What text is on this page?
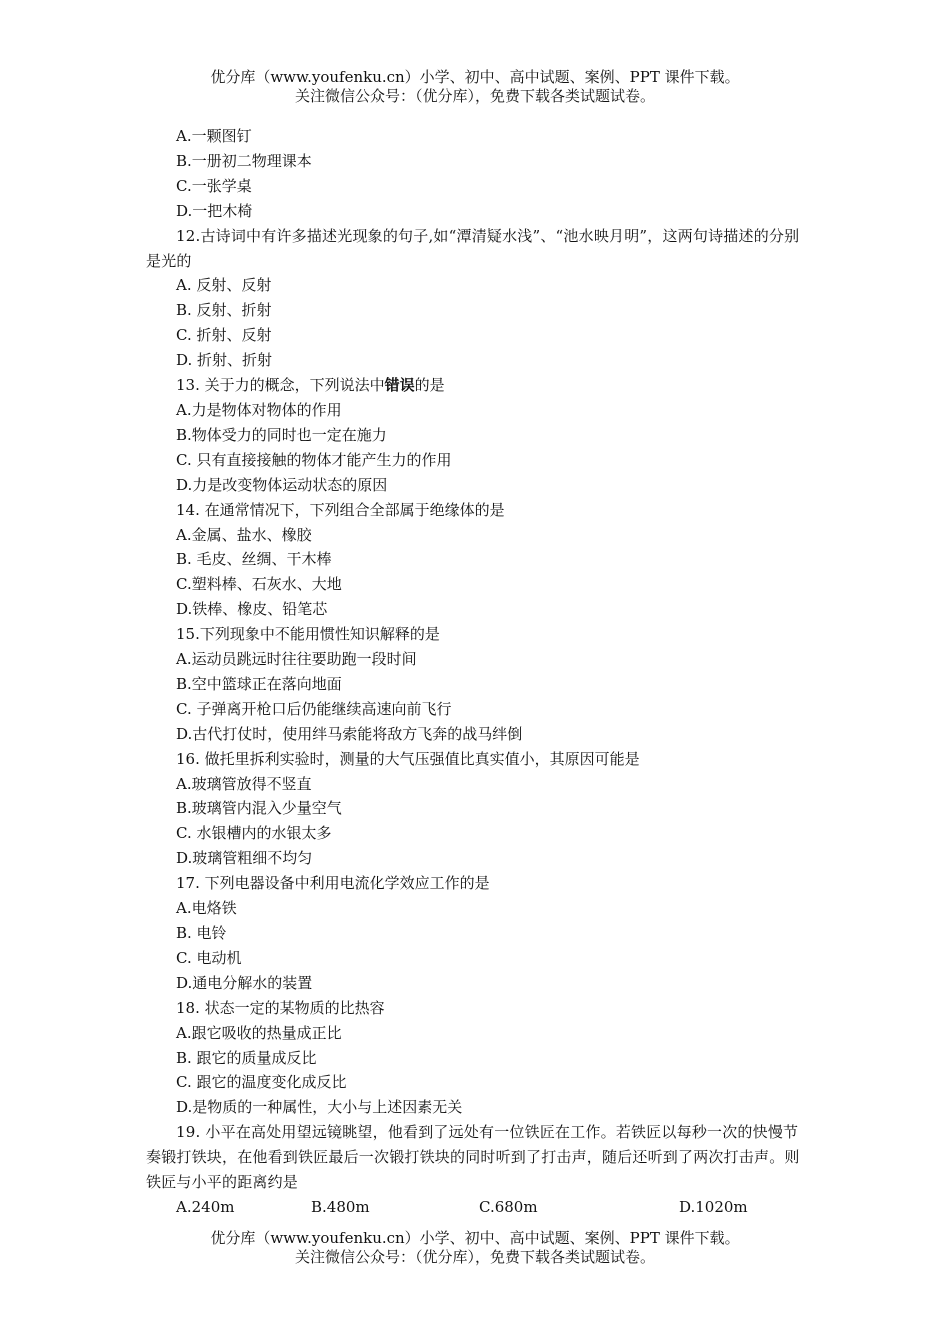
优分库（www.youfenku.cn）小学、初中、高中试题、案例、PPT 课件下载。
关注微信公众号：（优分库），免费下载各类试题试卷。
A.一颗图钉
B.一册初二物理课本
C.一张学桌
D.一把木椅
12.古诗词中有许多描述光现象的句子,如“潭清疑水浅”、“池水映月明”，这两句诗描述的分别是光的
A. 反射、反射
B. 反射、折射
C. 折射、反射
D. 折射、折射
13. 关于力的概念，下列说法中错误的是
A.力是物体对物体的作用
B.物体受力的同时也一定在施力
C. 只有直接接触的物体才能产生力的作用
D.力是改变物体运动状态的原因
14. 在通常情况下，下列组合全部属于绝缘体的是
A.金属、盐水、橡胶
B. 毛皮、丝绸、干木棒
C.塑料棒、石灰水、大地
D.铁棒、橡皮、铅笔芯
15.下列现象中不能用惯性知识解释的是
A.运动员跳远时往往要助跑一段时间
B.空中篮球正在落向地面
C. 子弹离开枪口后仍能继续高速向前飞行
D.古代打仗时，使用绊马索能将敌方飞奔的战马绊倒
16. 做托里拆利实验时，测量的大气压强值比真实值小，其原因可能是
A.玻璃管放得不竖直
B.玻璃管内混入少量空气
C. 水银槽内的水银太多
D.玻璃管粗细不均匀
17. 下列电器设备中利用电流化学效应工作的是
A.电烙铁
B. 电铃
C. 电动机
D.通电分解水的装置
18. 状态一定的某物质的比热容
A.跟它吸收的热量成正比
B. 跟它的质量成反比
C. 跟它的温度变化成反比
D.是物质的一种属性，大小与上述因素无关
19. 小平在高处用望远镜眺望，他看到了远处有一位铁匠在工作。若铁匠以每秒一次的快慢节奏锻打铁块，在他看到铁匠最后一次锻打铁块的同时听到了打击声，随后还听到了两次打击声。则铁匠与小平的距离约是
A.240m	B.480m	C.680m	D.1020m
优分库（www.youfenku.cn）小学、初中、高中试题、案例、PPT 课件下载。
关注微信公众号：（优分库），免费下载各类试题试卷。
